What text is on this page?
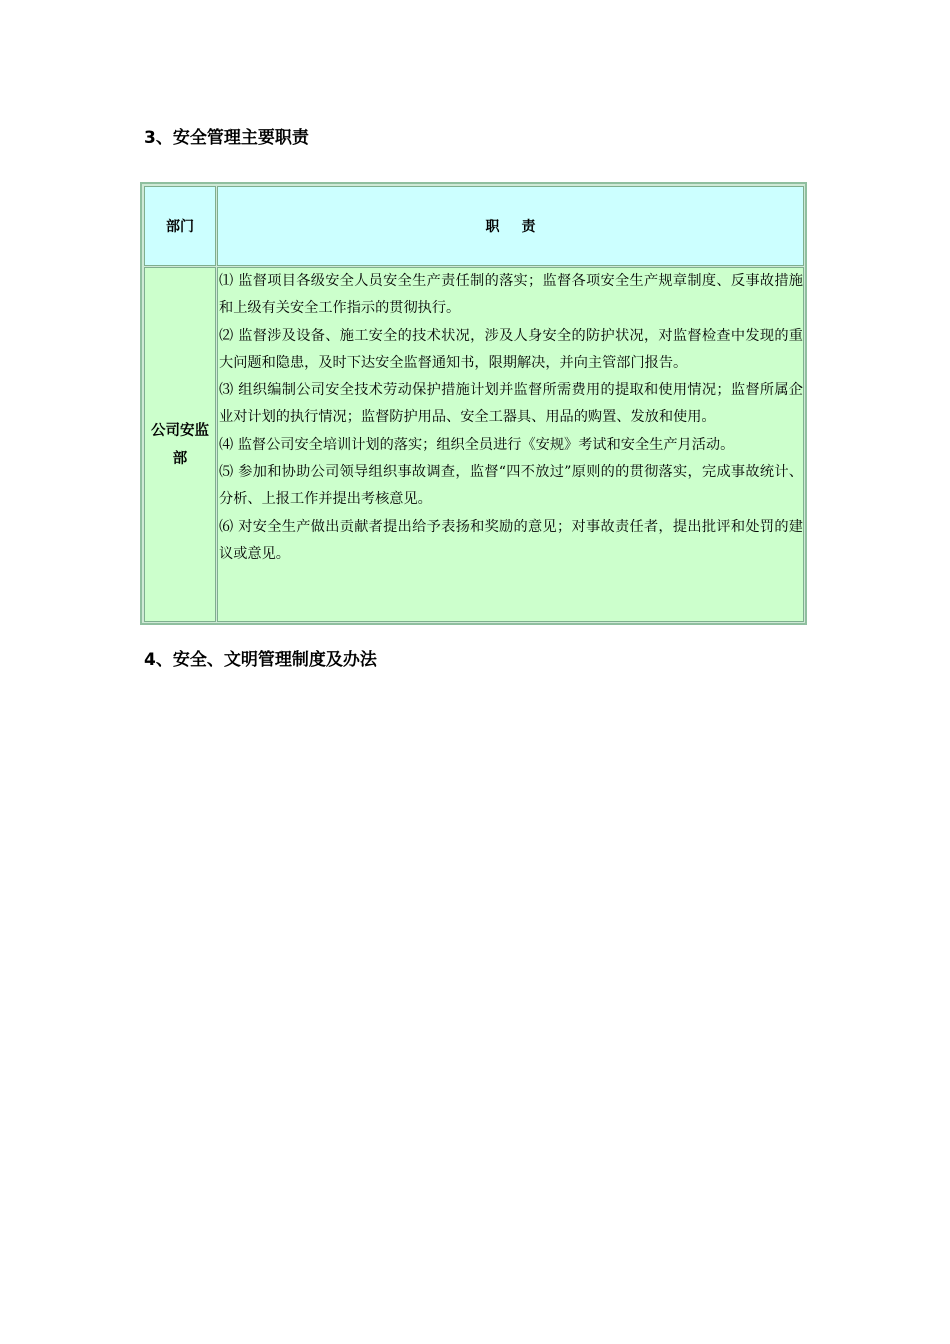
3、安全管理主要职责
部门	职责
公司安监部
⑴ 监督项目各级安全人员安全生产责任制的落实；监督各项安全生产规章制度、反事故措施和上级有关安全工作指示的贯彻执行。
⑵ 监督涉及设备、施工安全的技术状况，涉及人身安全的防护状况，对监督检查中发现的重大问题和隐患，及时下达安全监督通知书，限期解决，并向主管部门报告。
⑶ 组织编制公司安全技术劳动保护措施计划并监督所需费用的提取和使用情况；监督所属企业对计划的执行情况；监督防护用品、安全工器具、用品的购置、发放和使用。
⑷ 监督公司安全培训计划的落实；组织全员进行《安规》考试和安全生产月活动。
⑸ 参加和协助公司领导组织事故调查，监督“四不放过”原则的的贯彻落实，完成事故统计、分析、上报工作并提出考核意见。
⑹ 对安全生产做出贡献者提出给予表扬和奖励的意见；对事故责任者，提出批评和处罚的建议或意见。
4、安全、文明管理制度及办法
